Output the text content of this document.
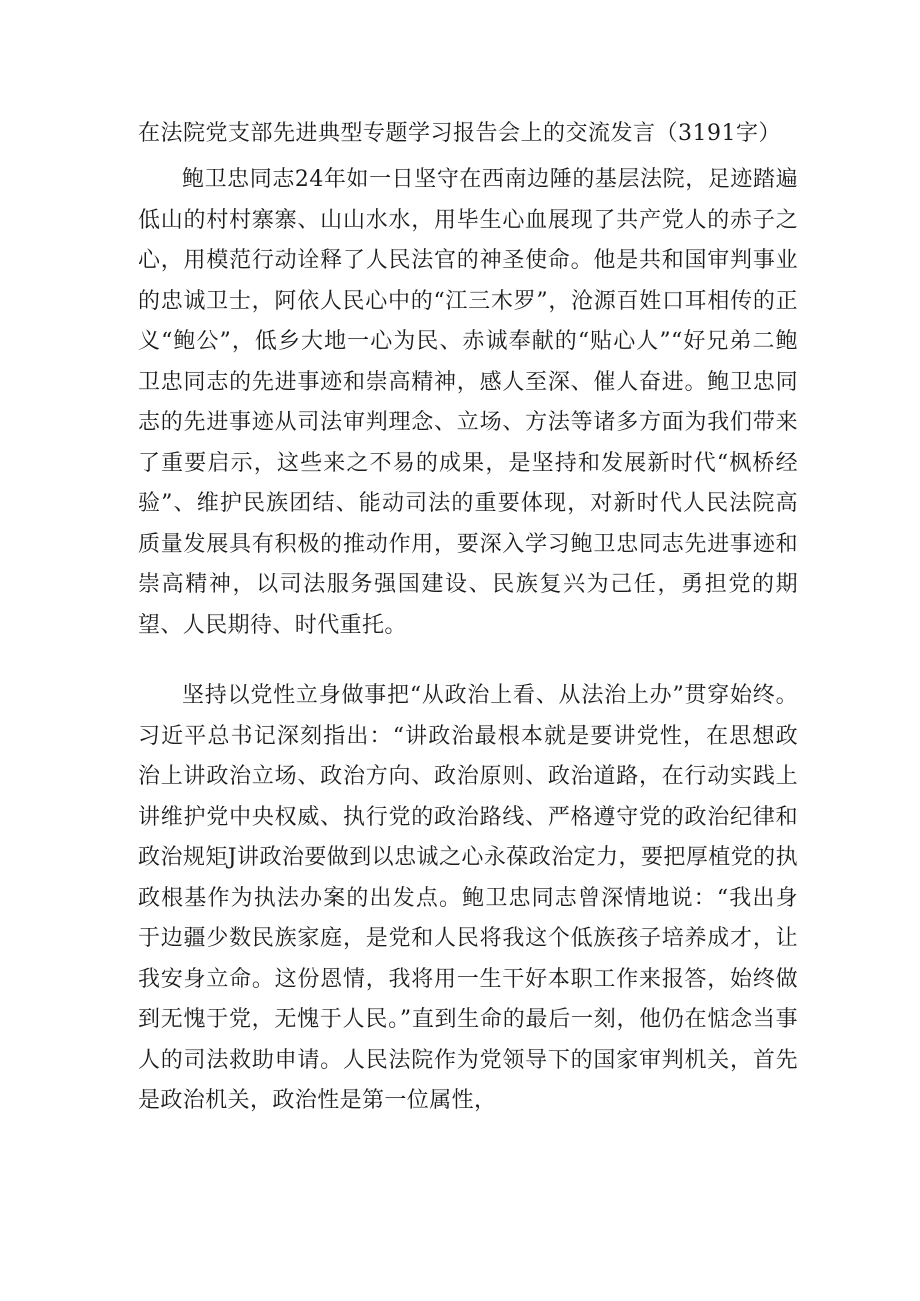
在法院党支部先进典型专题学习报告会上的交流发言（3191字）
鲍卫忠同志24年如一日坚守在西南边陲的基层法院，足迹踏遍低山的村村寨寨、山山水水，用毕生心血展现了共产党人的赤子之心，用模范行动诠释了人民法官的神圣使命。他是共和国审判事业的忠诚卫士，阿依人民心中的“江三木罗”，沧源百姓口耳相传的正义“鲍公”，低乡大地一心为民、赤诚奉献的“贴心人”“好兄弟二鲍卫忠同志的先进事迹和崇高精神，感人至深、催人奋进。鲍卫忠同志的先进事迹从司法审判理念、立场、方法等诸多方面为我们带来了重要启示，这些来之不易的成果，是坚持和发展新时代“枫桥经验”、维护民族团结、能动司法的重要体现，对新时代人民法院高质量发展具有积极的推动作用，要深入学习鲍卫忠同志先进事迹和崇高精神，以司法服务强国建设、民族复兴为己任，勇担党的期望、人民期待、时代重托。
坚持以党性立身做事把“从政治上看、从法治上办”贯穿始终。习近平总书记深刻指出：“讲政治最根本就是要讲党性，在思想政治上讲政治立场、政治方向、政治原则、政治道路，在行动实践上讲维护党中央权威、执行党的政治路线、严格遵守党的政治纪律和政治规矩J讲政治要做到以忠诚之心永葆政治定力，要把厚植党的执政根基作为执法办案的出发点。鲍卫忠同志曾深情地说：“我出身于边疆少数民族家庭，是党和人民将我这个低族孩子培养成才，让我安身立命。这份恩情，我将用一生干好本职工作来报答，始终做到无愧于党，无愧于人民。”直到生命的最后一刻，他仍在惦念当事人的司法救助申请。人民法院作为党领导下的国家审判机关，首先是政治机关，政治性是第一位属性，
